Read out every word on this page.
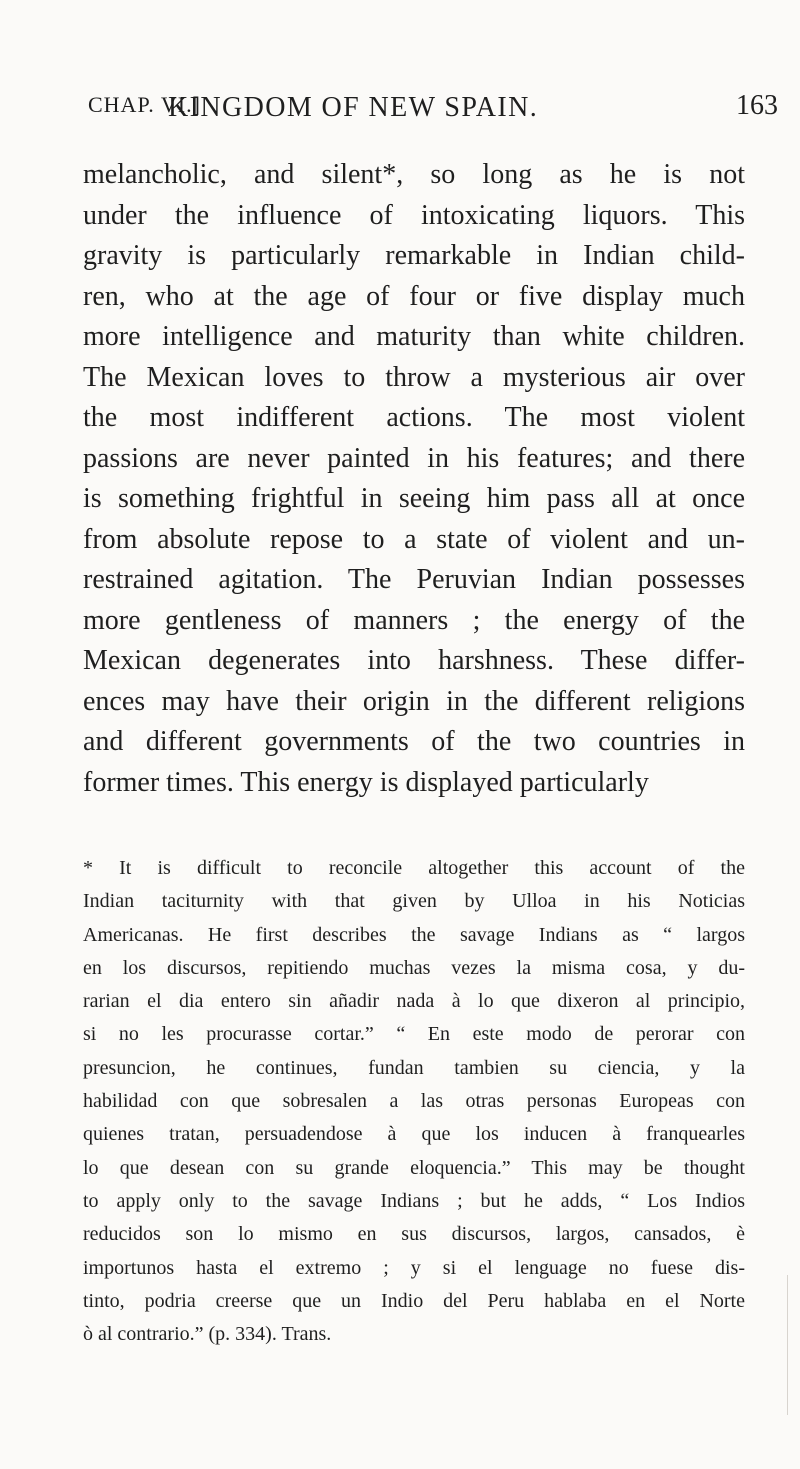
CHAP. VI.]
KINGDOM OF NEW SPAIN.	163
melancholic, and silent*, so long as he is not
under the influence of intoxicating liquors. This
gravity is particularly remarkable in Indian child-
ren, who at the age of four or five display much
more intelligence and maturity than white children.
The Mexican loves to throw a mysterious air over
the most indifferent actions. The most violent
passions are never painted in his features; and there
is something frightful in seeing him pass all at once
from absolute repose to a state of violent and un-
restrained agitation. The Peruvian Indian possesses
more gentleness of manners ; the energy of the
Mexican degenerates into harshness. These differ-
ences may have their origin in the different religions
and different governments of the two countries in
former times. This energy is displayed particularly
* It is difficult to reconcile altogether this account of the
Indian taciturnity with that given by Ulloa in his Noticias
Americanas. He first describes the savage Indians as “ largos
en los discursos, repitiendo muchas vezes la misma cosa, y du-
rarian el dia entero sin añadir nada à lo que dixeron al principio,
si no les procurasse cortar.” “ En este modo de perorar con
presuncion, he continues, fundan tambien su ciencia, y la
habilidad con que sobresalen a las otras personas Europeas con
quienes tratan, persuadendose à que los inducen à franquearles
lo que desean con su grande eloquencia.” This may be thought
to apply only to the savage Indians ; but he adds, “ Los Indios
reducidos son lo mismo en sus discursos, largos, cansados, è
importunos hasta el extremo ; y si el lenguage no fuese dis-
tinto, podria creerse que un Indio del Peru hablaba en el Norte
ò al contrario.” (p. 334). Trans.
